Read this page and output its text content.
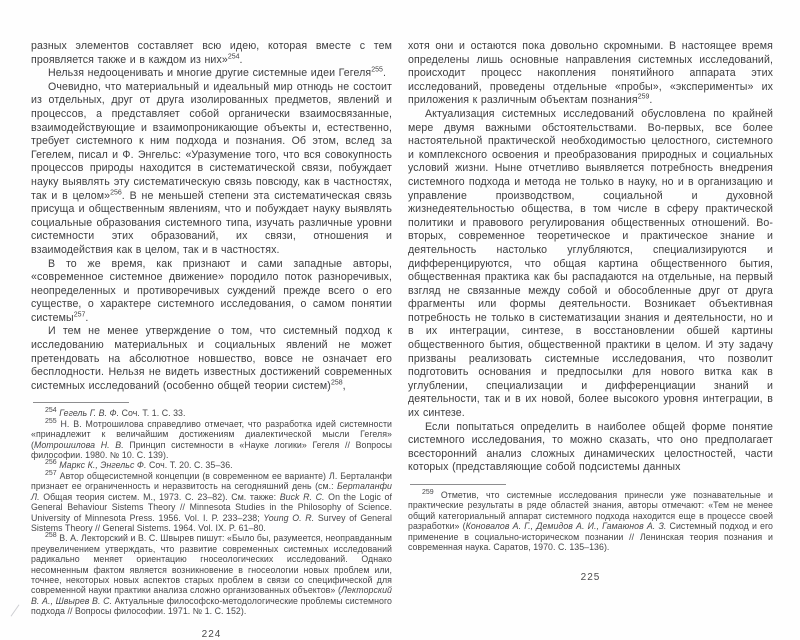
разных элементов составляет всю идею, которая вместе с тем проявляется также и в каждом из них»$^{254}$.

Нельзя недооценивать и многие другие системные идеи Гегеля$^{255}$.

Очевидно, что материальный и идеальный мир отнюдь не состоит из отдельных, друг от друга изолированных предметов, явлений и процессов, а представляет собой органически взаимосвязанные, взаимодействующие и взаимопроникающие объекты и, естественно, требует системного к ним подхода и познания. Об этом, вслед за Гегелем, писал и Ф. Энгельс: «Уразумение того, что вся совокупность процессов природы находится в систематической связи, побуждает науку выявлять эту систематическую связь повсюду, как в частностях, так и в целом»$^{256}$. В не меньшей степени эта систематическая связь присуща и общественным явлениям, что и побуждает науку выявлять социальные образования системного типа, изучать различные уровни системности этих образований, их связи, отношения и взаимодействия как в целом, так и в частностях.

В то же время, как признают и сами западные авторы, «современное системное движение» породило поток разноречивых, неопределенных и противоречивых суждений прежде всего о его существе, о характере системного исследования, о самом понятии системы$^{257}$.

И тем не менее утверждение о том, что системный подход к исследованию материальных и социальных явлений не может претендовать на абсолютное новшество, вовсе не означает его бесплодности. Нельзя не видеть известных достижений современных системных исследований (особенно общей теории систем)$^{258}$,

$^{254}$ Гегель Г. В. Ф. Соч. Т. 1. С. 33.

$^{255}$ Н. В. Мотрошилова справедливо отмечает, что разработка идей системности «принадлежит к величайшим достижениям диалектической мысли Гегеля» (Мотрошилова Н. В. Принцип системности в «Науке логики» Гегеля // Вопросы философии. 1980. № 10. С. 139).

$^{256}$ Маркс К., Энгельс Ф. Соч. Т. 20. С. 35–36.

$^{257}$ Автор общесистемной концепции (в современном ее варианте) Л. Берталанфи признает ее ограниченность и неразвитость на сегодняшний день (см.: Берталанфи Л. Общая теория систем. М., 1973. С. 23–82). См. также: Buck R. C. On the Logic of General Behaviour Sistems Theory // Minnesota Studies in the Philosophy of Science. University of Minnesota Press. 1956. Vol. I. P. 233–238; Young O. R. Survey of General Sistems Theory // General Sistems. 1964. Vol. IX. P. 61–80.

$^{258}$ В. А. Лекторский и В. С. Швырев пишут: «Было бы, разумеется, неоправданным преувеличением утверждать, что развитие современных системных исследований радикально меняет ориентацию гносеологических исследований. Однако несомненным фактом является возникновение в гносеологии новых проблем или, точнее, некоторых новых аспектов старых проблем в связи со специфической для современной науки практики анализа сложно организованных объектов» (Лекторский В. А., Швырев В. С. Актуальные философско-методологические проблемы системного подхода // Вопросы философии. 1971. № 1. С. 152).

224

хотя они и остаются пока довольно скромными. В настоящее время определены лишь основные направления системных исследований, происходит процесс накопления понятийного аппарата этих исследований, проведены отдельные «пробы», «эксперименты» их приложения к различным объектам познания$^{259}$.

Актуализация системных исследований обусловлена по крайней мере двумя важными обстоятельствами. Во-первых, все более настоятельной практической необходимостью целостного, системного и комплексного освоения и преобразования природных и социальных условий жизни. Ныне отчетливо выявляется потребность внедрения системного подхода и метода не только в науку, но и в организацию и управление производством, социальной и духовной жизнедеятельностью общества, в том числе в сферу практической политики и правового регулирования общественных отношений. Во-вторых, современное теоретическое и практическое знание и деятельность настолько углубляются, специализируются и дифференцируются, что общая картина общественного бытия, общественная практика как бы распадаются на отдельные, на первый взгляд не связанные между собой и обособленные друг от друга фрагменты или формы деятельности. Возникает объективная потребность не только в систематизации знания и деятельности, но и в их интеграции, синтезе, в восстановлении обшей картины общественного бытия, общественной практики в целом. И эту задачу призваны реализовать системные исследования, что позволит подготовить основания и предпосылки для нового витка как в углублении, специализации и дифференциации знаний и деятельности, так и в их новой, более высокого уровня интеграции, в их синтезе.

Если попытаться определить в наиболее общей форме понятие системного исследования, то можно сказать, что оно предполагает всесторонний анализ сложных динамических целостностей, части которых (представляющие собой подсистемы данных

$^{259}$ Отметив, что системные исследования принесли уже познавательные и практические результаты в ряде областей знания, авторы отмечают: «Тем не менее общий категориальный аппарат системного подхода находится еще в процессе своей разработки» (Коновалов А. Г., Демидов А. И., Гамаюнов А. З. Системный подход и его применение в социально-историческом познании // Ленинская теория познания и современная наука. Саратов, 1970. С. 135–136).

225
